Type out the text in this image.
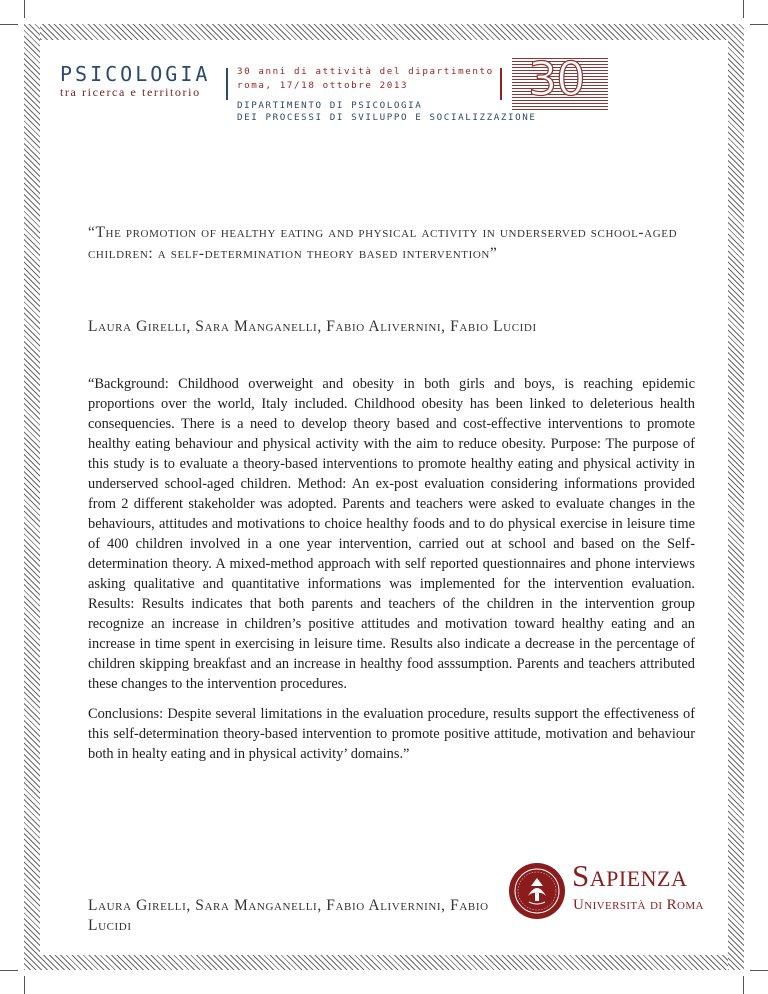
PSICOLOGIA
tra ricerca e territorio
30 anni di attività del dipartimento
roma, 17/18 ottobre 2013
DIPARTIMENTO DI PSICOLOGIA
DEI PROCESSI DI SVILUPPO E SOCIALIZZAZIONE
30
“The promotion of healthy eating and physical activity in underserved school-aged children: a self-determination theory based intervention”
Laura Girelli, Sara Manganelli, Fabio Alivernini, Fabio Lucidi

“Background: Childhood overweight and obesity in both girls and boys, is reaching epidemic proportions over the world, Italy included. Childhood obesity has been linked to deleterious health consequencies. There is a need to develop theory based and cost-effective interventions to promote healthy eating behaviour and physical activity with the aim to reduce obesity. Purpose: The purpose of this study is to evaluate a theory-based interventions to promote healthy eating and physical activity in underserved school-aged children. Method: An ex-post evaluation considering informations provided from 2 different stakeholder was adopted. Parents and teachers were asked to evaluate changes in the behaviours, attitudes and motivations to choice healthy foods and to do physical exercise in leisure time of 400 children involved in a one year intervention, carried out at school and based on the Self-determination theory. A mixed-method approach with self reported questionnaires and phone interviews asking qualitative and quantitative informations was implemented for the intervention evaluation. Results: Results indicates that both parents and teachers of the children in the intervention group recognize an increase in children’s positive attitudes and motivation toward healthy eating and an increase in time spent in exercising in leisure time. Results also indicate a decrease in the percentage of children skipping breakfast and an increase in healthy food asssumption. Parents and teachers attributed these changes to the intervention procedures.

Conclusions: Despite several limitations in the evaluation procedure, results support the effectiveness of this self-determination theory-based intervention to promote positive attitude, motivation and behaviour both in healty eating and in physical activity’ domains.”

Laura Girelli, Sara Manganelli, Fabio Alivernini, Fabio Lucidi
Sapienza
Università di Roma
